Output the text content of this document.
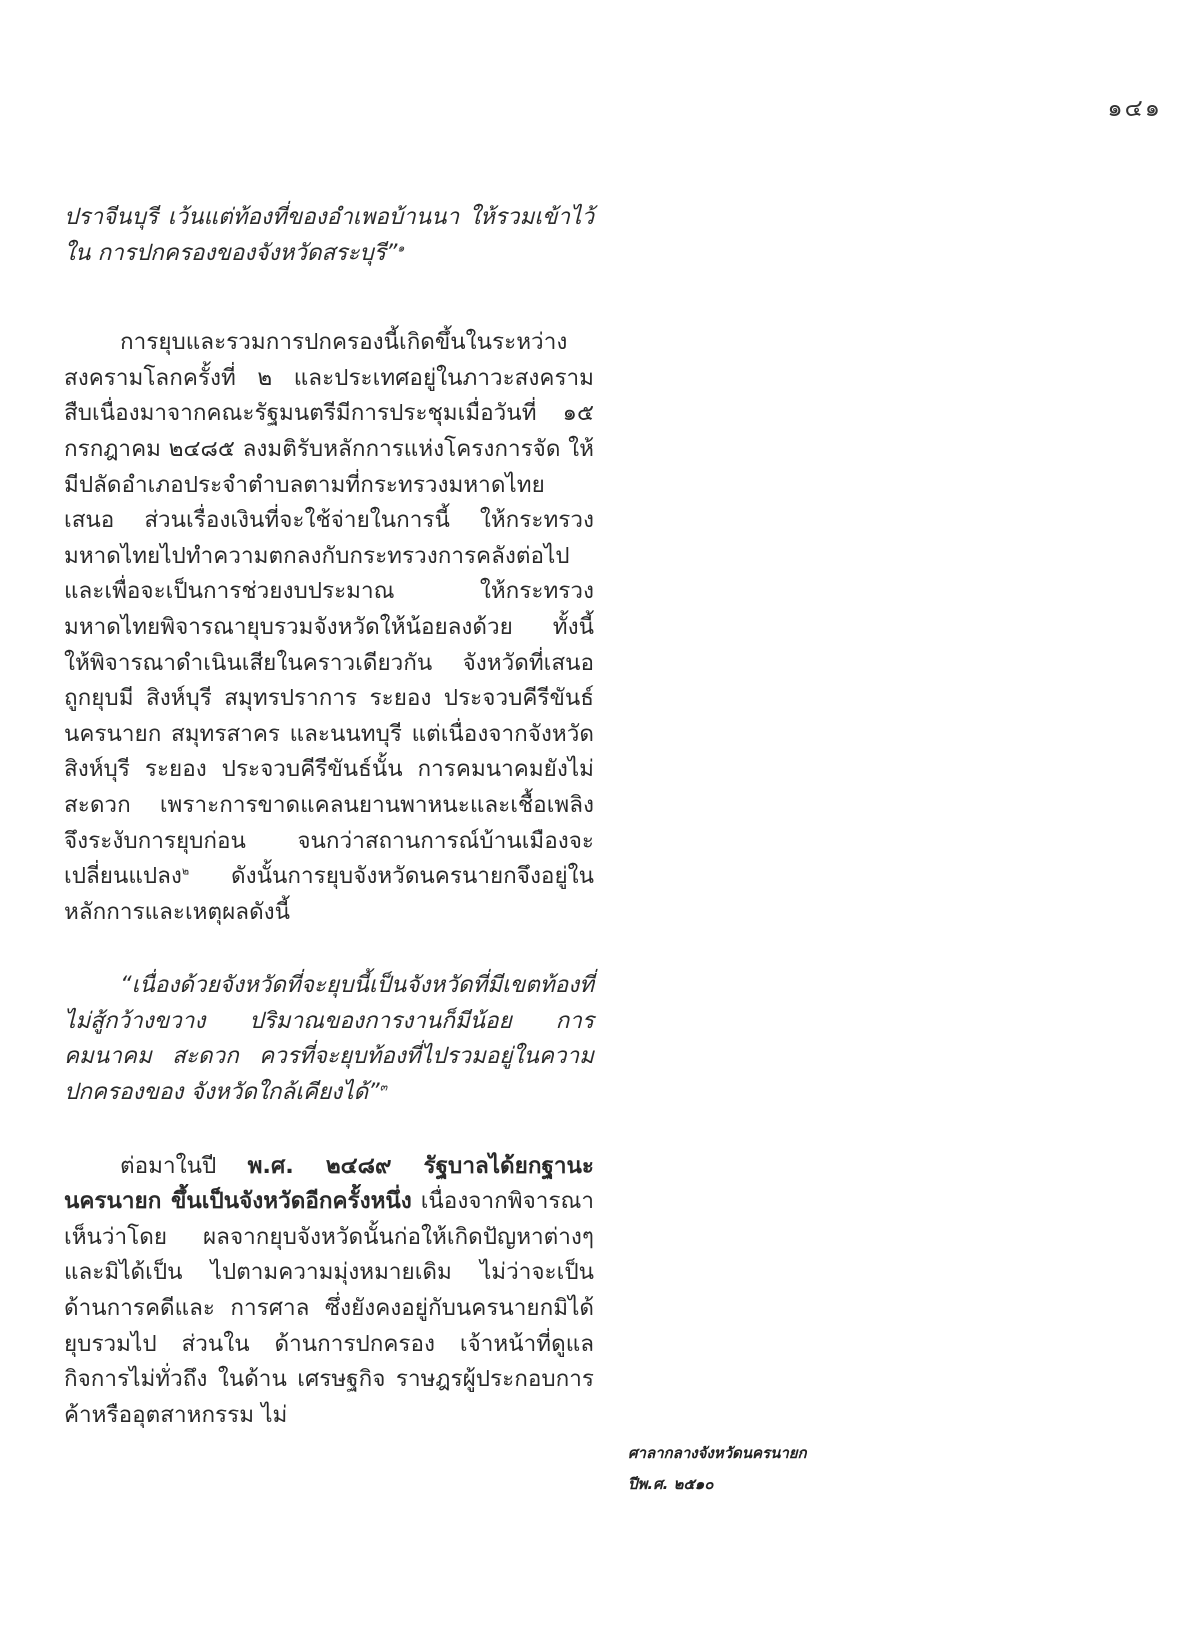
๑๔๑

ปราจีนบุรี เว้นแต่ท้องที่ของอำเพอบ้านนา ให้รวมเข้าไว้ใน การปกครองของจังหวัดสระบุรี”$^๑$

การยุบและรวมการปกครองนี้เกิดขึ้นในระหว่าง สงครามโลกครั้งที่ ๒ และประเทศอยู่ในภาวะสงคราม สืบเนื่องมาจากคณะรัฐมนตรีมีการประชุมเมื่อวันที่ ๑๕ กรกฎาคม ๒๔๘๕ ลงมติรับหลักการแห่งโครงการจัด ให้มีปลัดอำเภอประจำตำบลตามที่กระทรวงมหาดไทย เสนอ ส่วนเรื่องเงินที่จะใช้จ่ายในการนี้ ให้กระทรวง มหาดไทยไปทำความตกลงกับกระทรวงการคลังต่อไป และเพื่อจะเป็นการช่วยงบประมาณ ให้กระทรวง มหาดไทยพิจารณายุบรวมจังหวัดให้น้อยลงด้วย ทั้งนี้ ให้พิจารณาดำเนินเสียในคราวเดียวกัน จังหวัดที่เสนอ ถูกยุบมี สิงห์บุรี สมุทรปราการ ระยอง ประจวบคีรีขันธ์ นครนายก สมุทรสาคร และนนทบุรี แต่เนื่องจากจังหวัด สิงห์บุรี ระยอง ประจวบคีรีขันธ์นั้น การคมนาคมยังไม่ สะดวก เพราะการขาดแคลนยานพาหนะและเชื้อเพลิง จึงระงับการยุบก่อน จนกว่าสถานการณ์บ้านเมืองจะ เปลี่ยนแปลง$^๒$ ดังนั้นการยุบจังหวัดนครนายกจึงอยู่ใน หลักการและเหตุผลดังนี้

“เนื่องด้วยจังหวัดที่จะยุบนี้เป็นจังหวัดที่มีเขตท้องที่ ไม่สู้กว้างขวาง ปริมาณของการงานก็มีน้อย การคมนาคม สะดวก ควรที่จะยุบท้องที่ไปรวมอยู่ในความปกครองของ จังหวัดใกล้เคียงได้”$^๓$

ต่อมาในปี พ.ศ. ๒๔๘๙ รัฐบาลได้ยกฐานะนครนายก ขึ้นเป็นจังหวัดอีกครั้งหนึ่ง เนื่องจากพิจารณาเห็นว่าโดย ผลจากยุบจังหวัดนั้นก่อให้เกิดปัญหาต่างๆ และมิได้เป็น ไปตามความมุ่งหมายเดิม ไม่ว่าจะเป็นด้านการคดีและ การศาล ซึ่งยังคงอยู่กับนครนายกมิได้ยุบรวมไป ส่วนใน ด้านการปกครอง เจ้าหน้าที่ดูแลกิจการไม่ทั่วถึง ในด้าน เศรษฐกิจ ราษฎรผู้ประกอบการค้าหรืออุตสาหกรรม ไม่

ศาลากลางจังหวัดนครนายก
ปีพ.ศ. ๒๕๑๐
